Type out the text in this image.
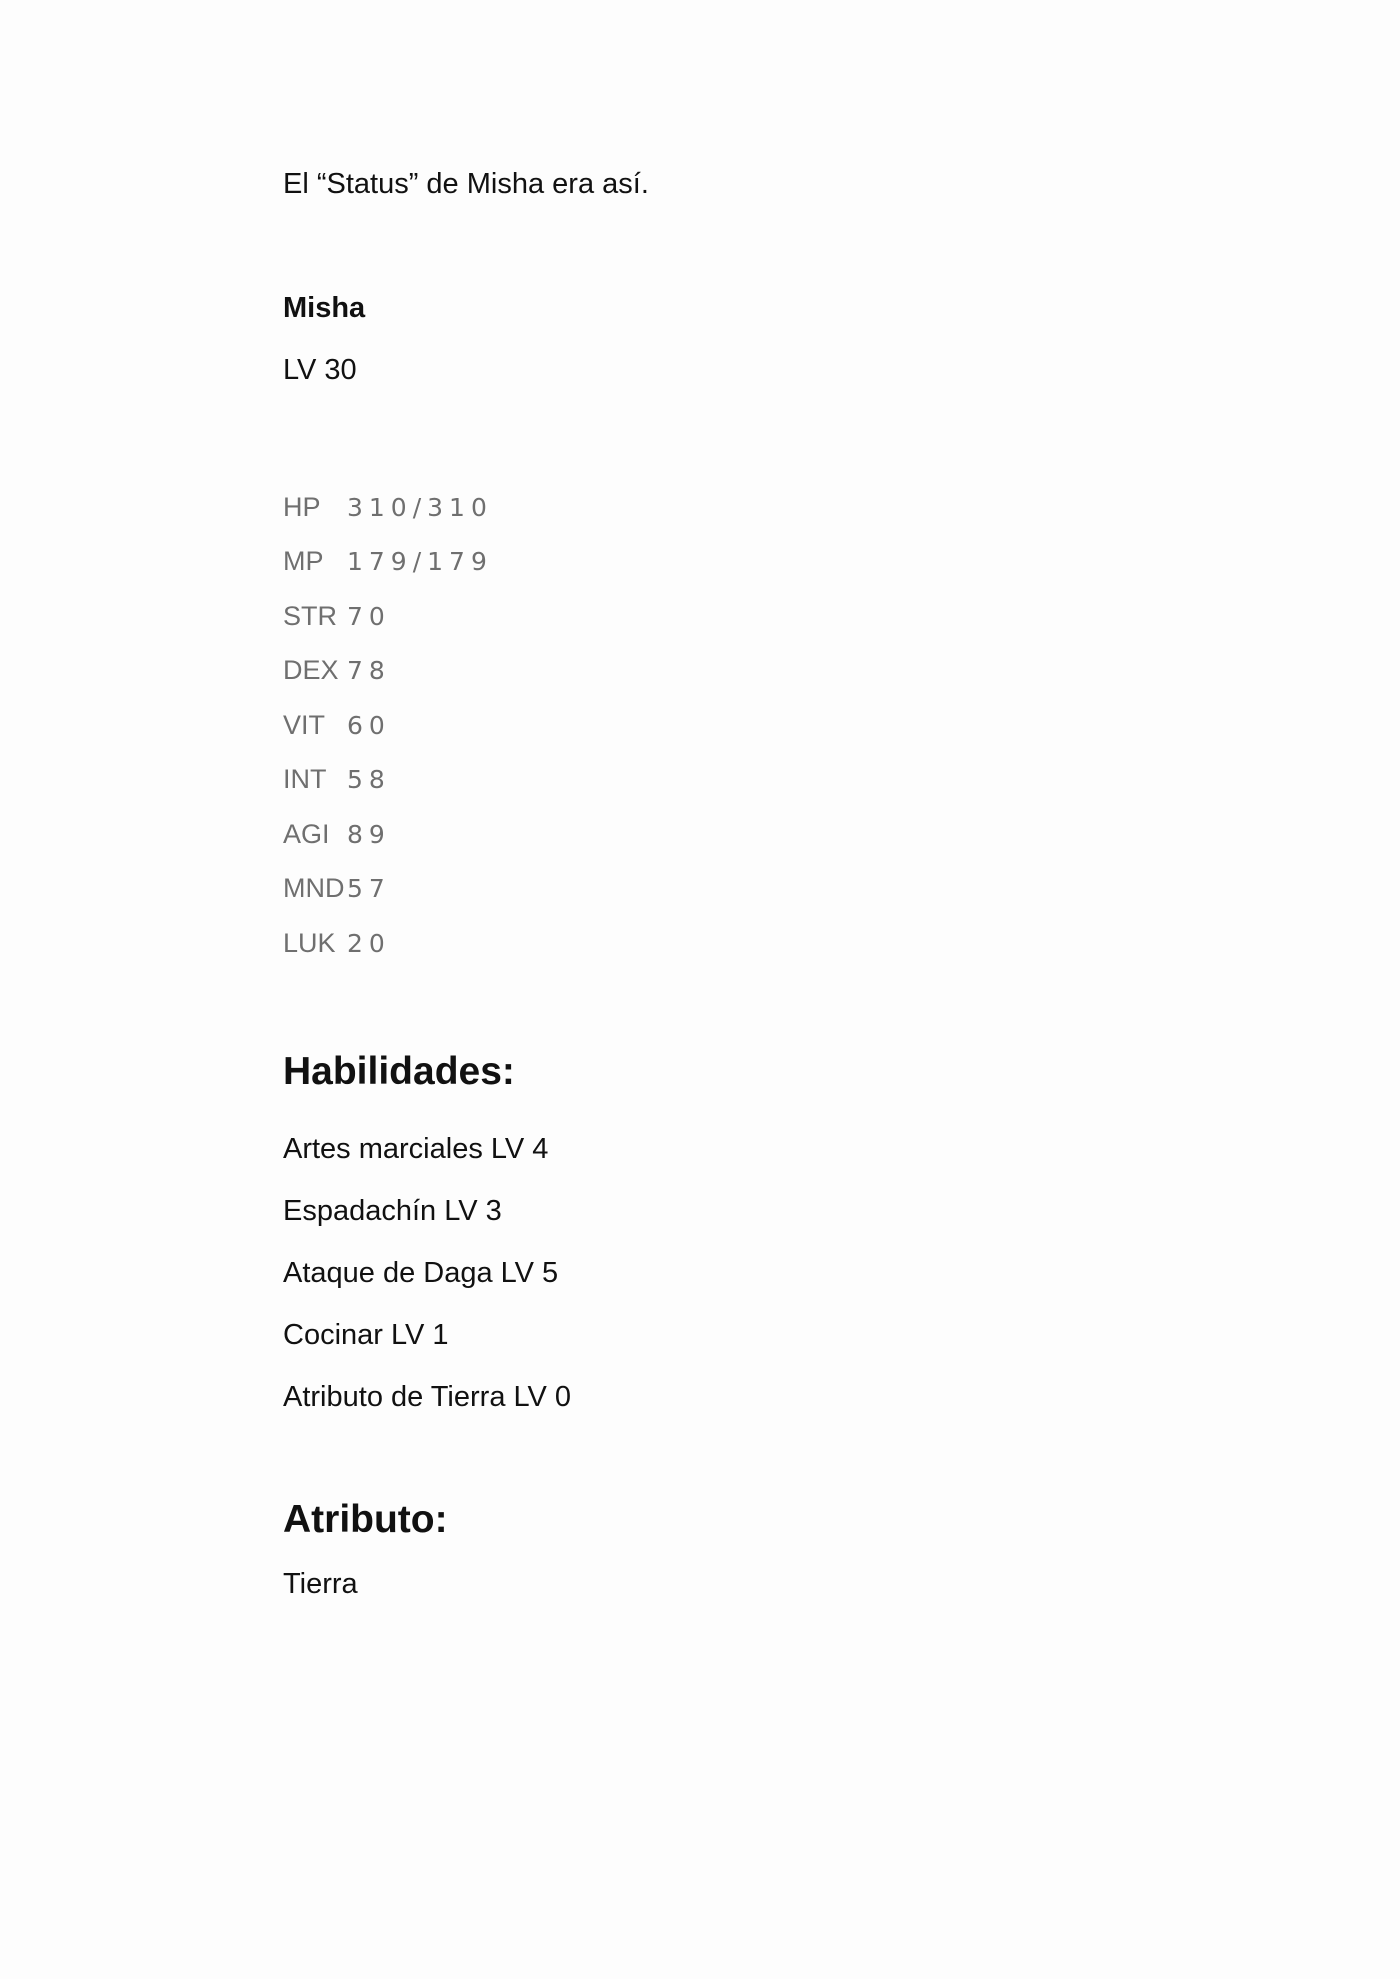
El “Status” de Misha era así.
Misha
LV 30
HP	310/310
MP 179/179
STR 70
DEX 78
VIT 60
INT 58
AGI 89
MND 57
LUK 20
Habilidades:
Artes marciales LV 4
Espadachín LV 3
Ataque de Daga LV 5
Cocinar LV 1
Atributo de Tierra LV 0
Atributo:
Tierra
